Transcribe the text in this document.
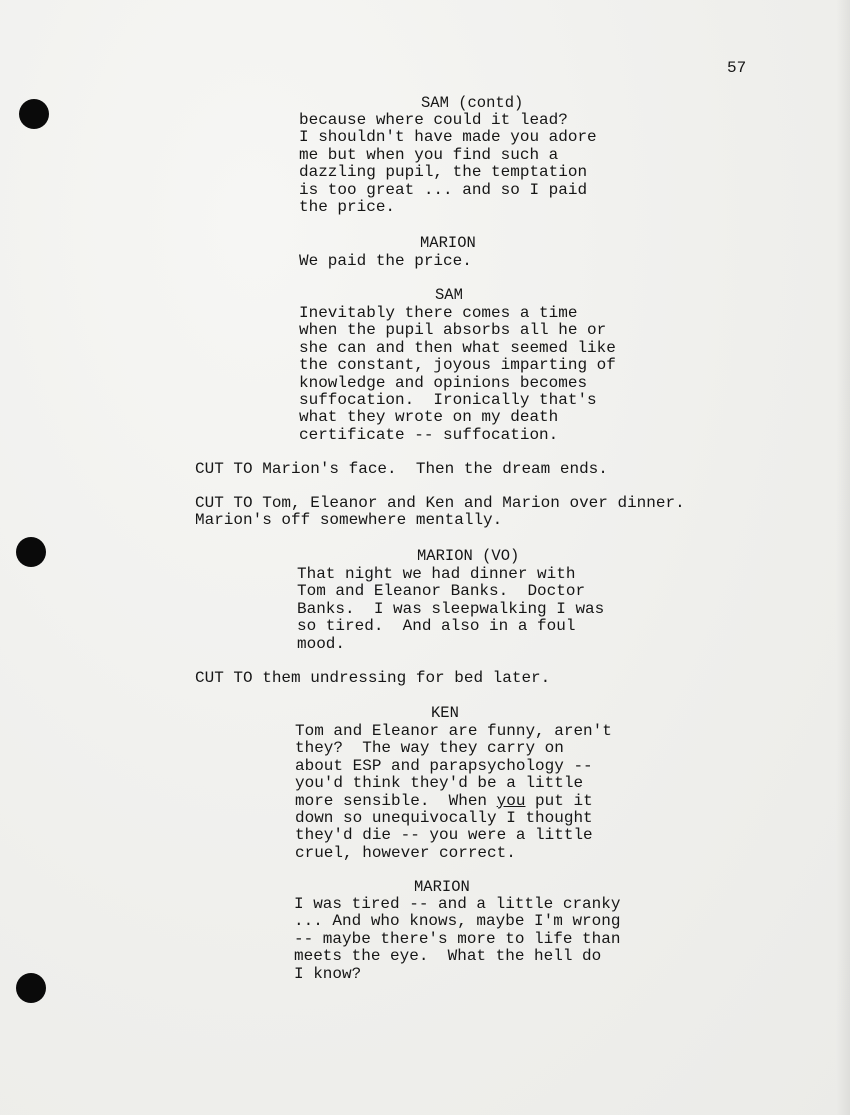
57
SAM (contd)
because where could it lead?
I shouldn't have made you adore
me but when you find such a
dazzling pupil, the temptation
is too great ... and so I paid
the price.
MARION
We paid the price.
SAM
Inevitably there comes a time
when the pupil absorbs all he or
she can and then what seemed like
the constant, joyous imparting of
knowledge and opinions becomes
suffocation.  Ironically that's
what they wrote on my death
certificate -- suffocation.
CUT TO Marion's face.  Then the dream ends.
CUT TO Tom, Eleanor and Ken and Marion over dinner.
Marion's off somewhere mentally.
MARION (VO)
That night we had dinner with
Tom and Eleanor Banks.  Doctor
Banks.  I was sleepwalking I was
so tired.  And also in a foul
mood.
CUT TO them undressing for bed later.
KEN
Tom and Eleanor are funny, aren't
they?  The way they carry on
about ESP and parapsychology --
you'd think they'd be a little
more sensible.  When you put it
down so unequivocally I thought
they'd die -- you were a little
cruel, however correct.
MARION
I was tired -- and a little cranky
... And who knows, maybe I'm wrong
-- maybe there's more to life than
meets the eye.  What the hell do
I know?
